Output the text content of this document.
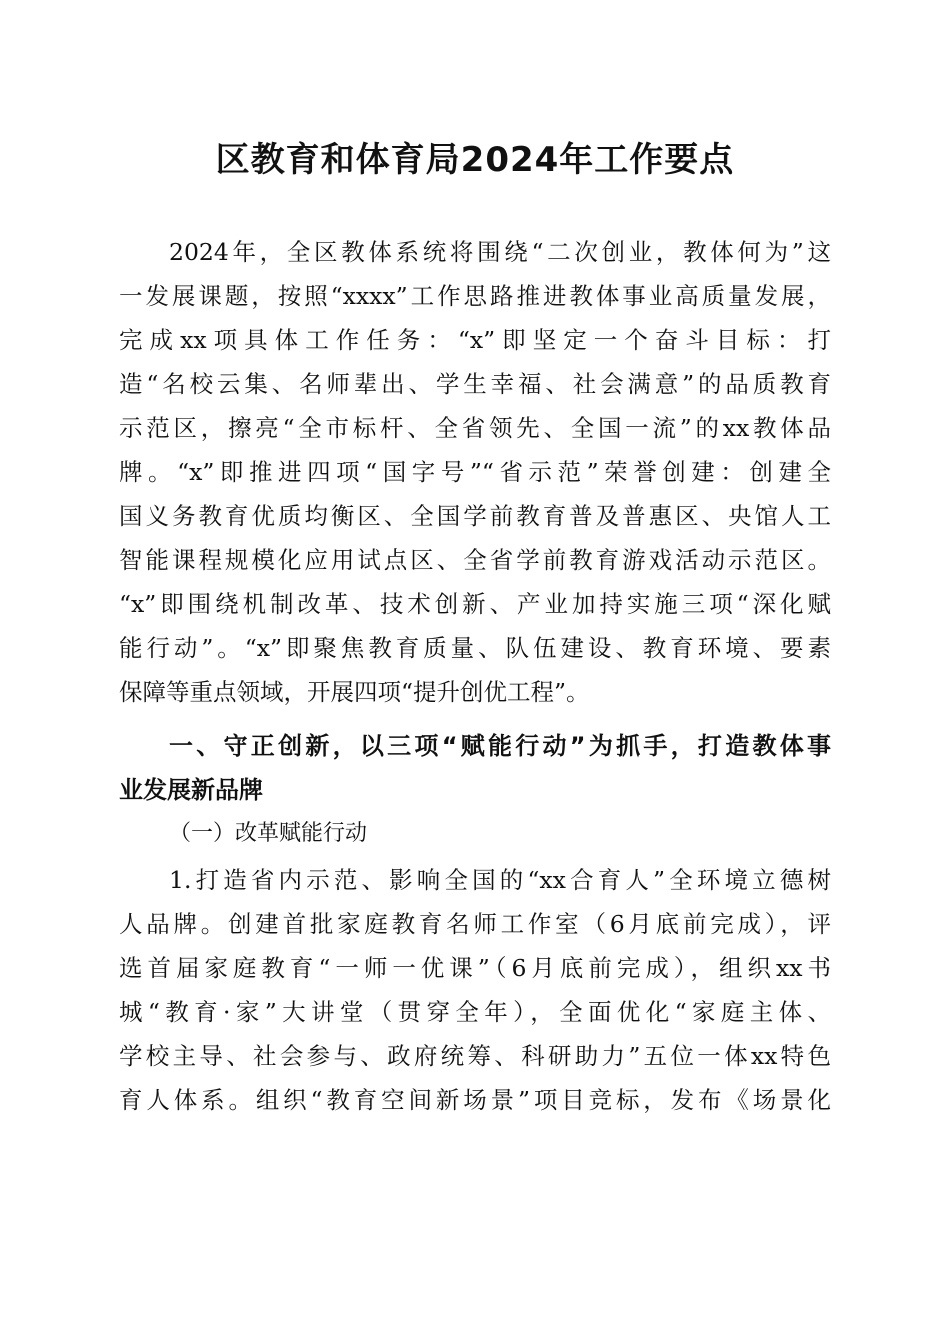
区教育和体育局2024年工作要点
2024年，全区教体系统将围绕“二次创业，教体何为”这
一发展课题，按照“xxxx”工作思路推进教体事业高质量发展，
完成xx项具体工作任务：“x”即坚定一个奋斗目标：打
造“名校云集、名师辈出、学生幸福、社会满意”的品质教育
示范区，擦亮“全市标杆、全省领先、全国一流”的xx教体品
牌。“x”即推进四项“国字号”“省示范”荣誉创建：创建全
国义务教育优质均衡区、全国学前教育普及普惠区、央馆人工
智能课程规模化应用试点区、全省学前教育游戏活动示范区。
“x”即围绕机制改革、技术创新、产业加持实施三项“深化赋
能行动”。“x”即聚焦教育质量、队伍建设、教育环境、要素
保障等重点领域，开展四项“提升创优工程”。
一、守正创新，以三项“赋能行动”为抓手，打造教体事
业发展新品牌
（一）改革赋能行动
1.打造省内示范、影响全国的“xx合育人”全环境立德树
人品牌。创建首批家庭教育名师工作室（6月底前完成），评
选首届家庭教育“一师一优课”（6月底前完成），组织xx书
城“教育·家”大讲堂（贯穿全年），全面优化“家庭主体、
学校主导、社会参与、政府统筹、科研助力”五位一体xx特色
育人体系。组织“教育空间新场景”项目竞标，发布《场景化
